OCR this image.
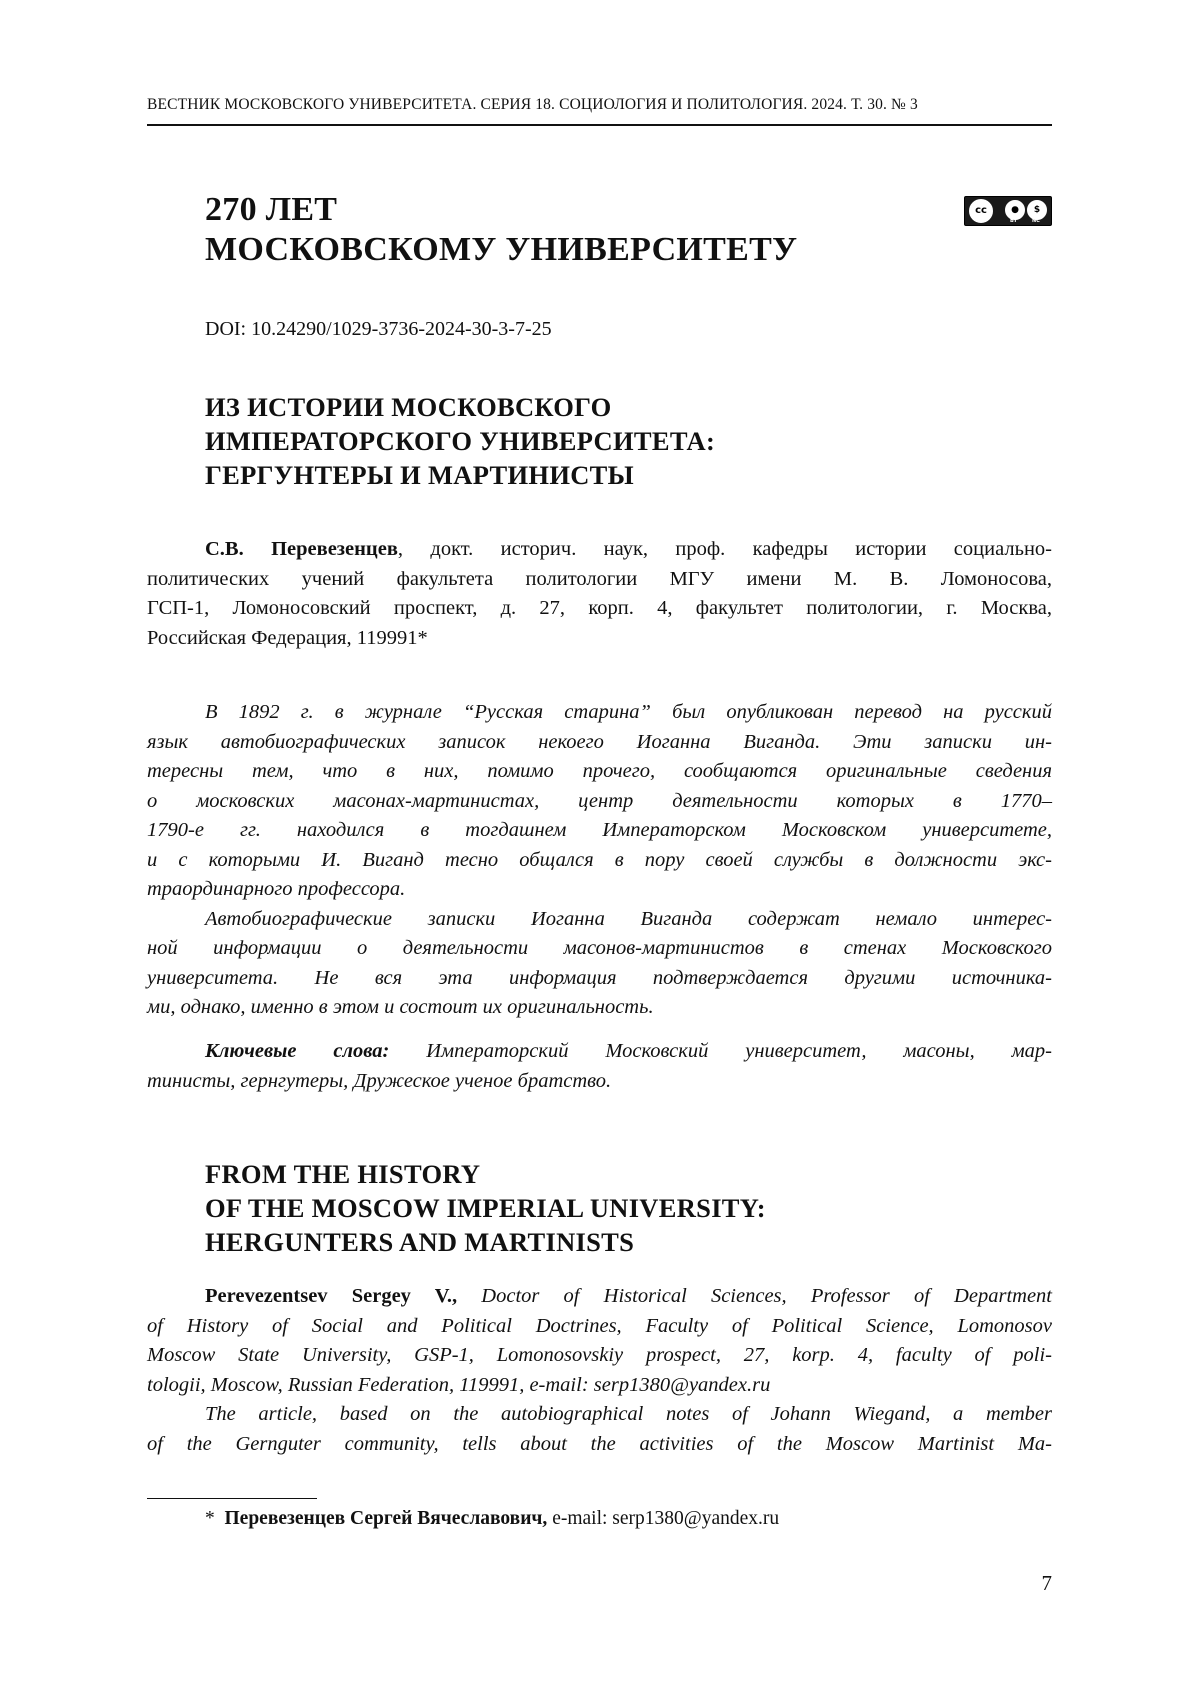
ВЕСТНИК МОСКОВСКОГО УНИВЕРСИТЕТА. СЕРИЯ 18. СОЦИОЛОГИЯ И ПОЛИТОЛОГИЯ. 2024. Т. 30. № 3
270 ЛЕТ
МОСКОВСКОМУ УНИВЕРСИТЕТУ
cc	●	$
BY	NC
DOI: 10.24290/1029-3736-2024-30-3-7-25
ИЗ ИСТОРИИ МОСКОВСКОГО
ИМПЕРАТОРСКОГО УНИВЕРСИТЕТА:
ГЕРГУНТЕРЫ И МАРТИНИСТЫ
С.В. Перевезенцев, докт. историч. наук, проф. кафедры истории социально-
политических учений факультета политологии МГУ имени М. В. Ломоносова,
ГСП-1, Ломоносовский проспект, д. 27, корп. 4, факультет политологии, г. Москва,
Российская Федерация, 119991*
В 1892 г. в журнале “Русская старина” был опубликован перевод на русский
язык автобиографических записок некоего Иоганна Виганда. Эти записки ин-
тересны тем, что в них, помимо прочего, сообщаются оригинальные сведения
о московских масонах-мартинистах, центр деятельности которых в 1770–
1790-е гг. находился в тогдашнем Императорском Московском университете,
и с которыми И. Виганд тесно общался в пору своей службы в должности экс-
траординарного профессора.
Автобиографические записки Иоганна Виганда содержат немало интерес-
ной информации о деятельности масонов-мартинистов в стенах Московского
университета. Не вся эта информация подтверждается другими источника-
ми, однако, именно в этом и состоит их оригинальность.
Ключевые слова: Императорский Московский университет, масоны, мар-
тинисты, гернгутеры, Дружеское ученое братство.
FROM THE HISTORY
OF THE MOSCOW IMPERIAL UNIVERSITY:
HERGUNTERS AND MARTINISTS
Perevezentsev Sergey V., Doctor of Historical Sciences, Professor of Department
of History of Social and Political Doctrines, Faculty of Political Science, Lomonosov
Moscow State University, GSP-1, Lomonosovskiy prospect, 27, korp. 4, faculty of poli-
tologii, Moscow, Russian Federation, 119991, e-mail: serp1380@yandex.ru
The article, based on the autobiographical notes of Johann Wiegand, a member
of the Gernguter community, tells about the activities of the Moscow Martinist Ma-
* Перевезенцев Сергей Вячеславович, e-mail: serp1380@yandex.ru
7
